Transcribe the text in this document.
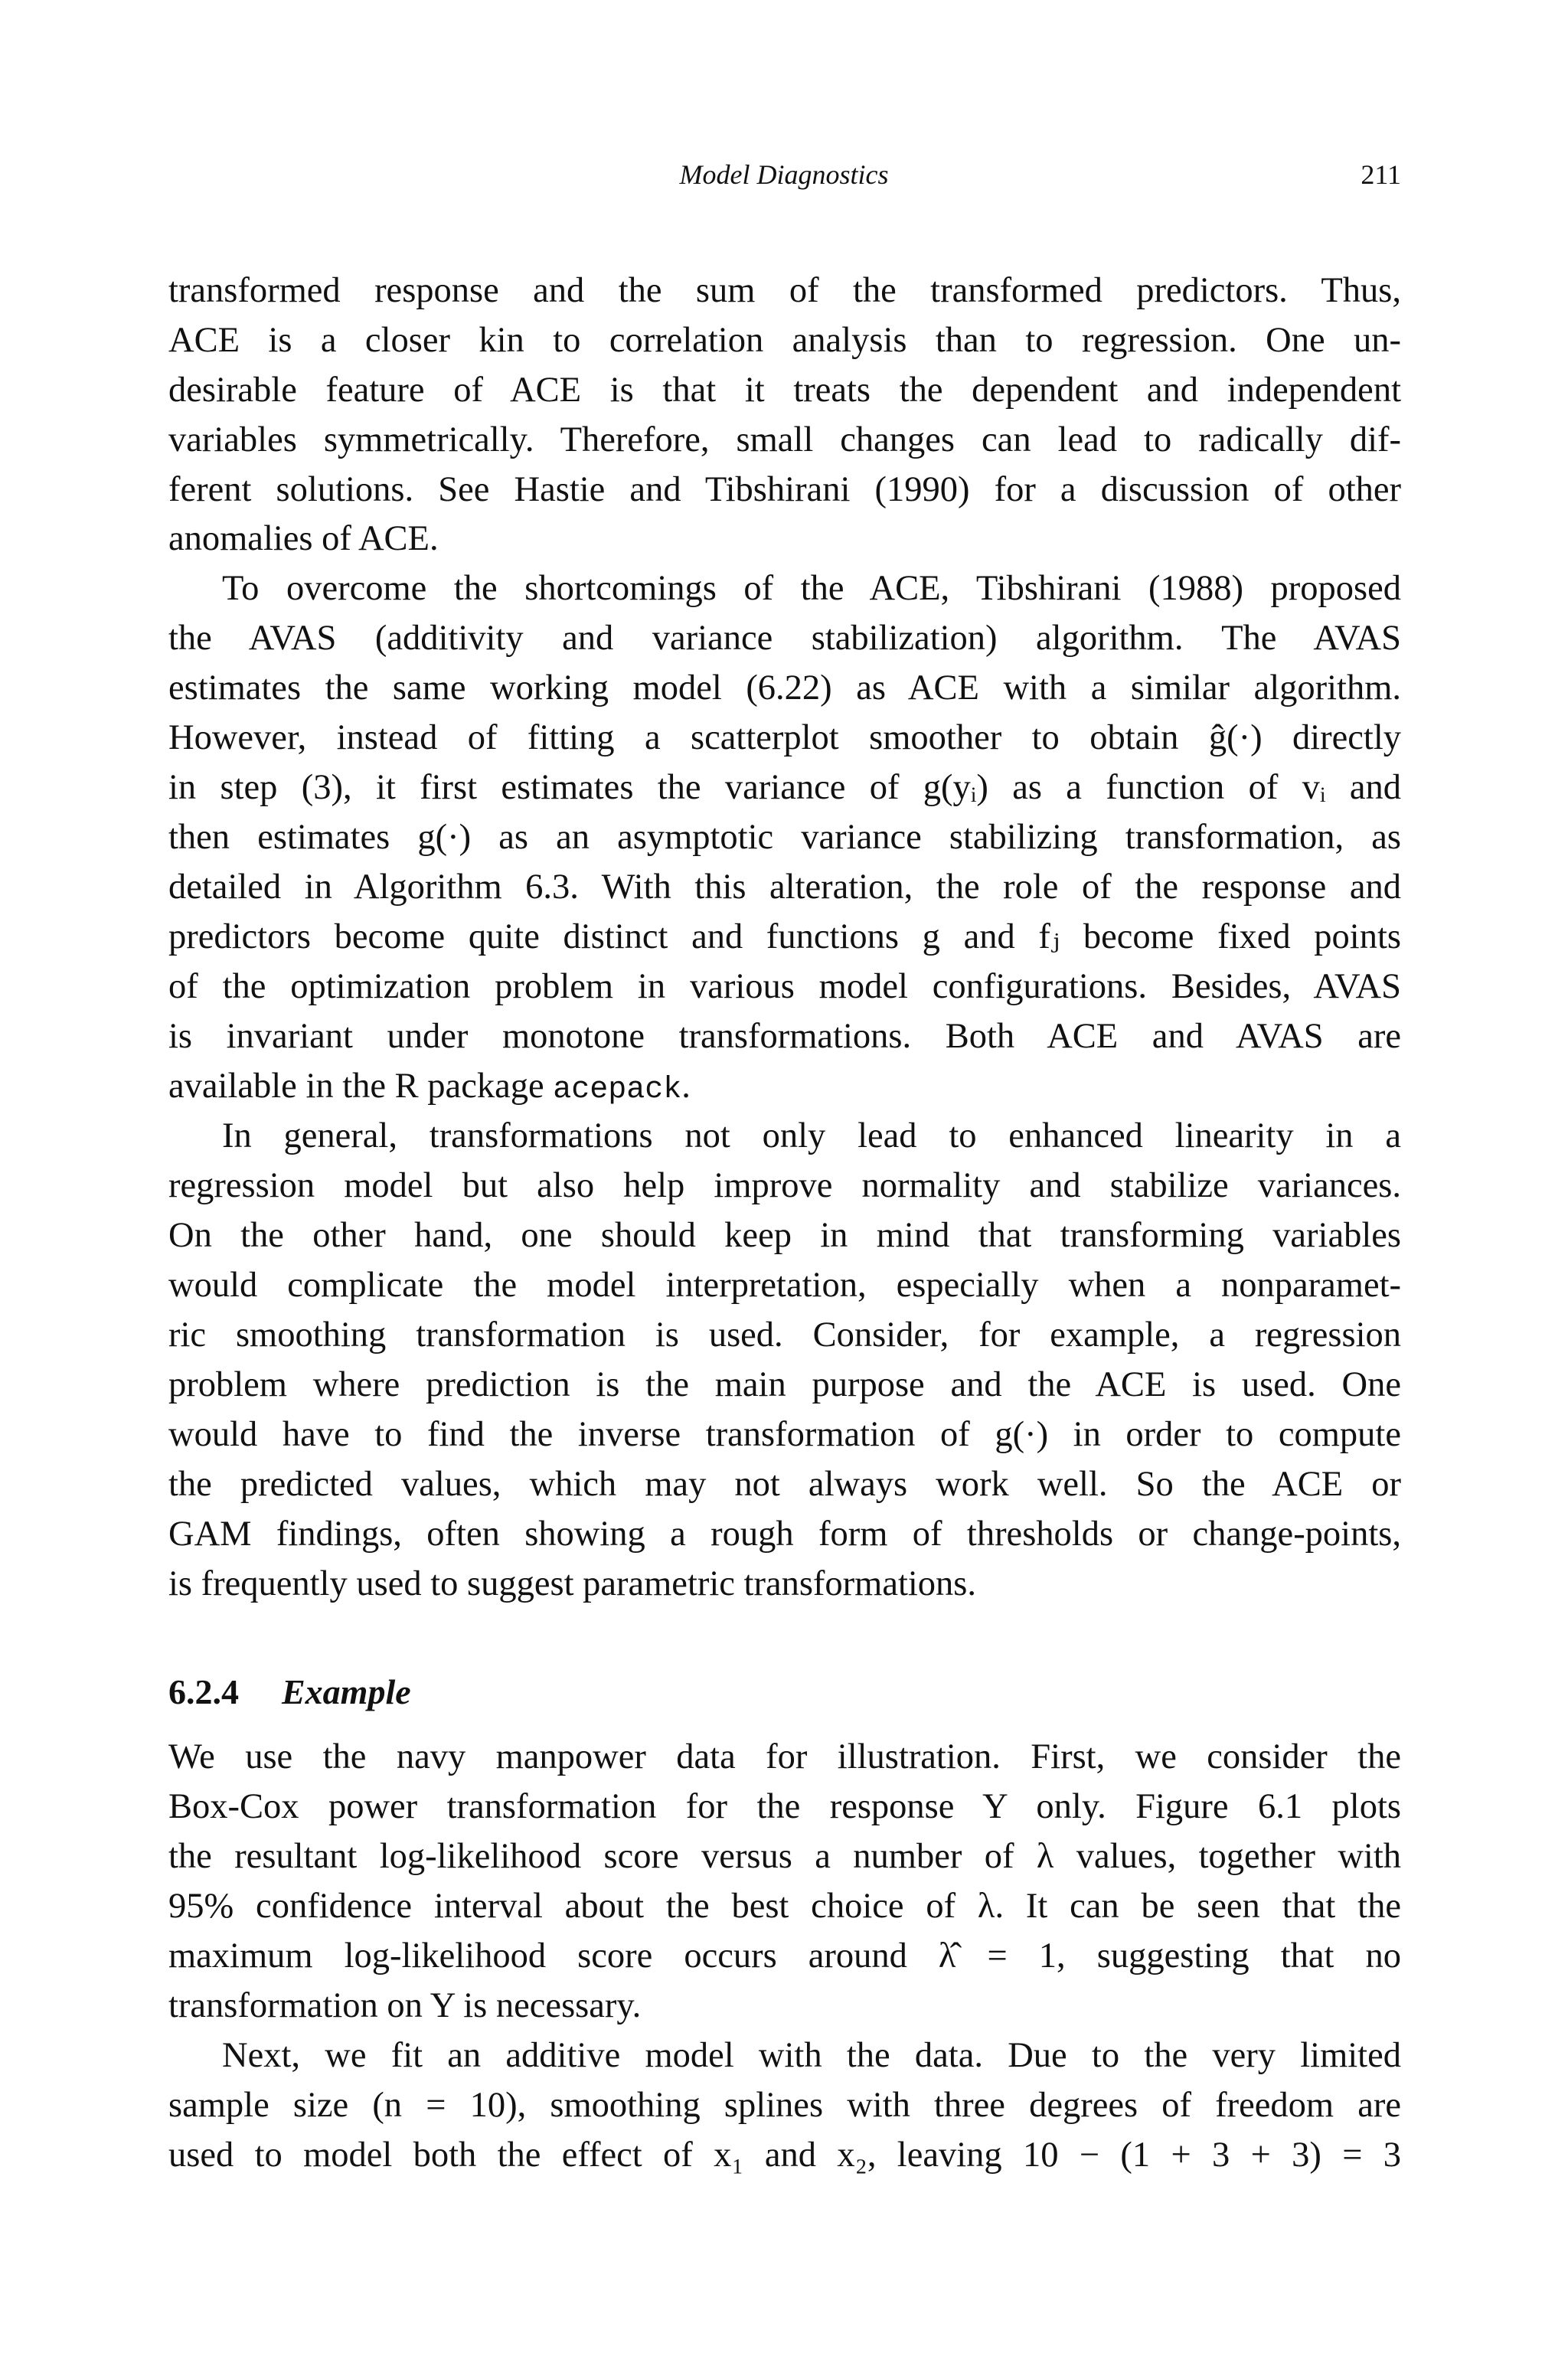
Model Diagnostics	211
transformed response and the sum of the transformed predictors. Thus,
ACE is a closer kin to correlation analysis than to regression. One un-
desirable feature of ACE is that it treats the dependent and independent
variables symmetrically. Therefore, small changes can lead to radically dif-
ferent solutions. See Hastie and Tibshirani (1990) for a discussion of other
anomalies of ACE.
To overcome the shortcomings of the ACE, Tibshirani (1988) proposed
the AVAS (additivity and variance stabilization) algorithm. The AVAS
estimates the same working model (6.22) as ACE with a similar algorithm.
However, instead of fitting a scatterplot smoother to obtain ĝ(·) directly
in step (3), it first estimates the variance of g(yᵢ) as a function of vᵢ and
then estimates g(·) as an asymptotic variance stabilizing transformation, as
detailed in Algorithm 6.3. With this alteration, the role of the response and
predictors become quite distinct and functions g and fⱼ become fixed points
of the optimization problem in various model configurations. Besides, AVAS
is invariant under monotone transformations. Both ACE and AVAS are
available in the R package acepack.
In general, transformations not only lead to enhanced linearity in a
regression model but also help improve normality and stabilize variances.
On the other hand, one should keep in mind that transforming variables
would complicate the model interpretation, especially when a nonparamet-
ric smoothing transformation is used. Consider, for example, a regression
problem where prediction is the main purpose and the ACE is used. One
would have to find the inverse transformation of g(·) in order to compute
the predicted values, which may not always work well. So the ACE or
GAM findings, often showing a rough form of thresholds or change-points,
is frequently used to suggest parametric transformations.
We use the navy manpower data for illustration. First, we consider the
Box-Cox power transformation for the response Y only. Figure 6.1 plots
the resultant log-likelihood score versus a number of λ values, together with
95% confidence interval about the best choice of λ. It can be seen that the
maximum log-likelihood score occurs around λ̂ = 1, suggesting that no
transformation on Y is necessary.
Next, we fit an additive model with the data. Due to the very limited
sample size (n = 10), smoothing splines with three degrees of freedom are
used to model both the effect of x₁ and x₂, leaving 10 − (1 + 3 + 3) = 3
6.2.4 Example
